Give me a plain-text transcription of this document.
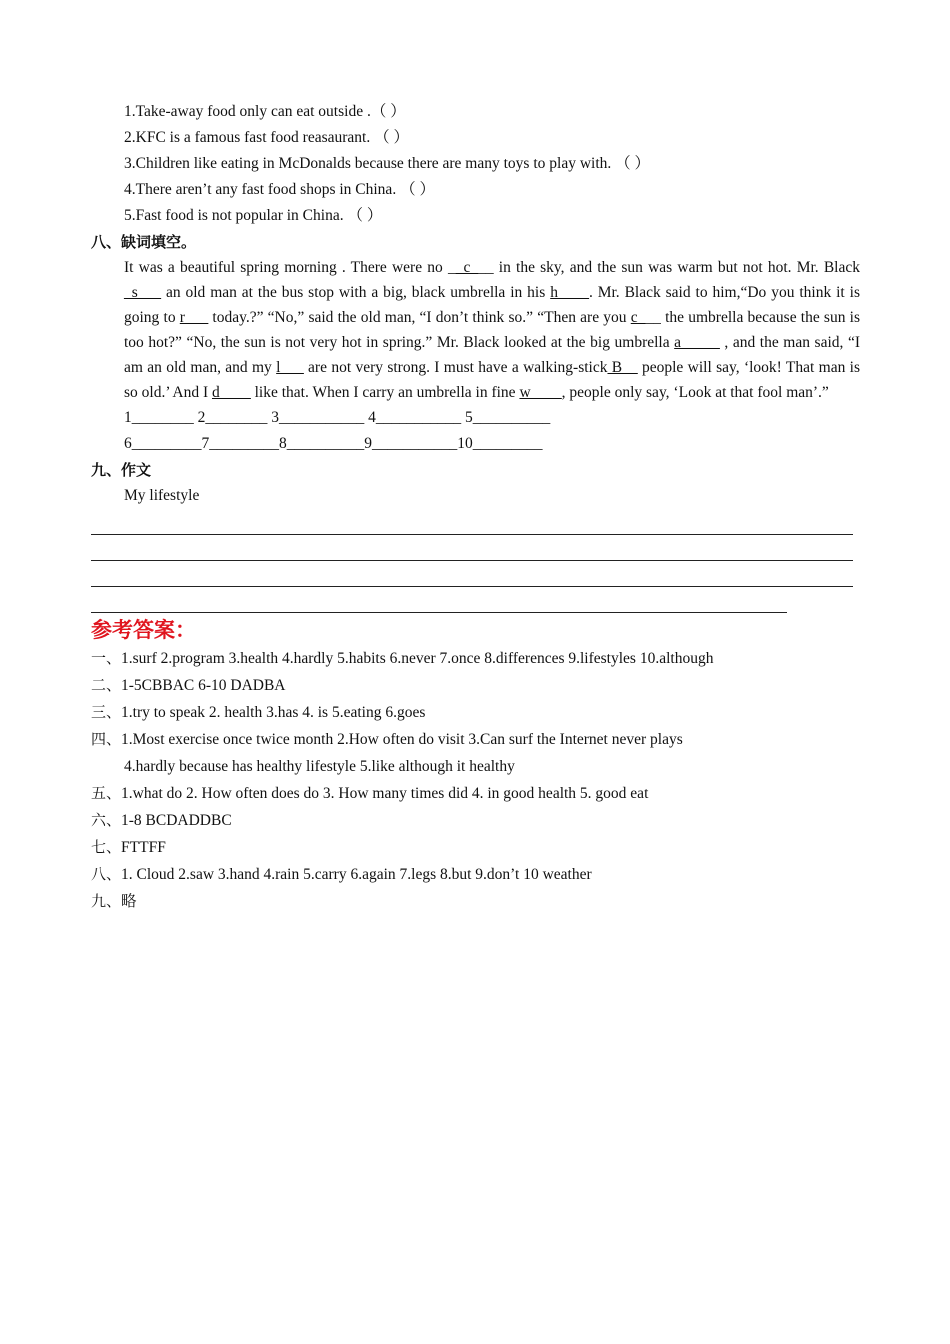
1.Take-away food only can eat outside .（ ）
2.KFC is a famous fast food reasaurant. （ ）
3.Children like eating in McDonalds because there are many toys to play with. （ ）
4.There aren’t any fast food shops in China. （ ）
5.Fast food is not popular in China. （ ）
八、缺词填空。
It was a beautiful spring morning . There were no __c___ in the sky, and the sun was warm but not hot. Mr. Black _s___ an old man at the bus stop with a big, black umbrella in his h____. Mr. Black said to him,“Do you think it is going to r___ today.?” “No,” said the old man, “I don’t think so.” “Then are you c___ the umbrella because the sun is too hot?” “No, the sun is not very hot in spring.” Mr. Black looked at the big umbrella a_____ , and the man said, “I am an old man, and my l___ are not very strong. I must have a walking-stick B__ people will say, ‘look! That man is so old.’ And I d____ like that. When I carry an umbrella in fine w____, people only say, ‘Look at that fool man’.”
1________ 2________ 3___________ 4___________ 5__________
6_________7_________8__________9___________10_________
九、作文
My lifestyle
参考答案：
一、1.surf 2.program 3.health 4.hardly 5.habits 6.never 7.once 8.differences 9.lifestyles 10.although
二、1-5CBBAC 6-10 DADBA
三、1.try to speak 2. health 3.has 4. is 5.eating 6.goes
四、1.Most exercise once twice month 2.How often do visit 3.Can surf the Internet never plays
4.hardly because has healthy lifestyle 5.like although it healthy
五、1.what do 2. How often does do 3. How many times did 4. in good health 5. good eat
六、1-8 BCDADDBC
七、FTTFF
八、1. Cloud 2.saw 3.hand 4.rain 5.carry 6.again 7.legs 8.but 9.don’t 10 weather
九、略
